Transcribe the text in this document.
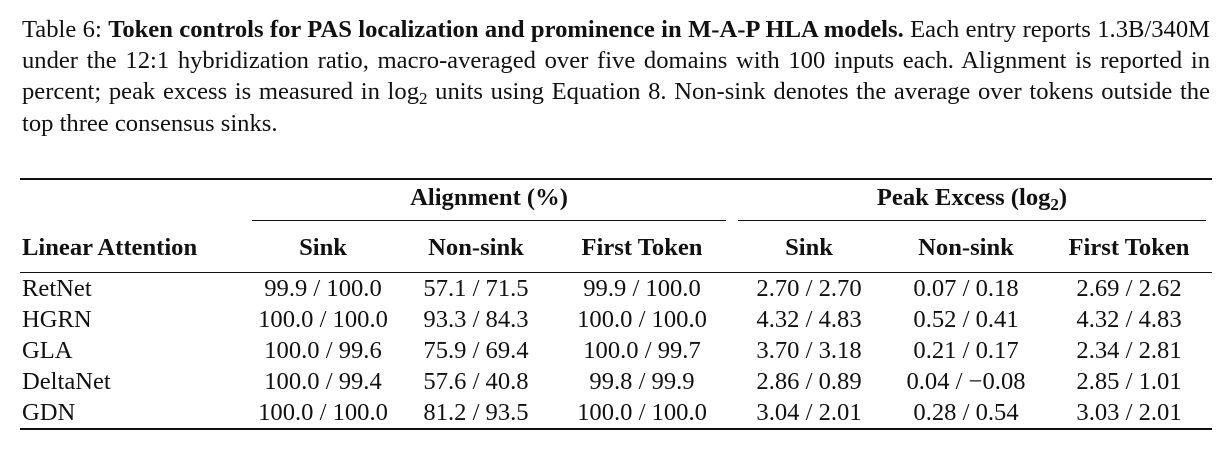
Table 6: Token controls for PAS localization and prominence in M-A-P HLA models. Each entry reports 1.3B/340M under the 12:1 hybridization ratio, macro-averaged over five domains with 100 inputs each. Alignment is reported in percent; peak excess is measured in $\log_2$ units using Equation 8. Non-sink denotes the average over tokens outside the top three consensus sinks.
	Alignment (%)			Peak Excess $(\log_2)$		

Linear Attention	Sink	Non-sink	First Token	Sink	Non-sink	First Token
RetNet	99.9 / 100.0	57.1 / 71.5	99.9 / 100.0	2.70 / 2.70	0.07 / 0.18	2.69 / 2.62
HGRN	100.0 / 100.0	93.3 / 84.3	100.0 / 100.0	4.32 / 4.83	0.52 / 0.41	4.32 / 4.83
GLA	100.0 / 99.6	75.9 / 69.4	100.0 / 99.7	3.70 / 3.18	0.21 / 0.17	2.34 / 2.81
DeltaNet	100.0 / 99.4	57.6 / 40.8	99.8 / 99.9	2.86 / 0.89	0.04 / −0.08	2.85 / 1.01
GDN	100.0 / 100.0	81.2 / 93.5	100.0 / 100.0	3.04 / 2.01	0.28 / 0.54	3.03 / 2.01
